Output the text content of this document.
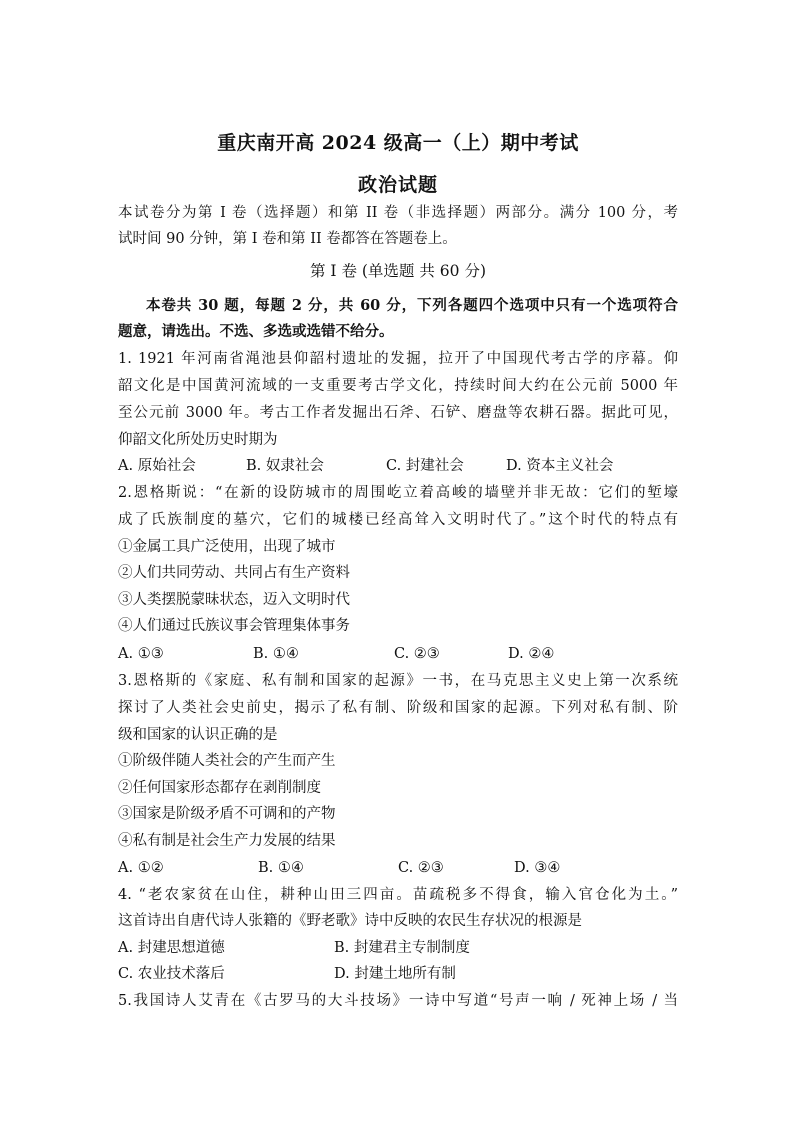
重庆南开高 2024 级高一（上）期中考试
政治试题
本试卷分为第 I 卷（选择题）和第 II 卷（非选择题）两部分。满分 100 分，考
试时间 90 分钟，第 I 卷和第 II 卷都答在答题卷上。
第 I 卷 (单选题 共 60 分)
本卷共 30 题，每题 2 分，共 60 分，下列各题四个选项中只有一个选项符合
题意，请选出。不选、多选或选错不给分。
1. 1921 年河南省渑池县仰韶村遗址的发掘，拉开了中国现代考古学的序幕。仰
韶文化是中国黄河流域的一支重要考古学文化，持续时间大约在公元前 5000 年
至公元前 3000 年。考古工作者发掘出石斧、石铲、磨盘等农耕石器。据此可见，
仰韶文化所处历史时期为
A. 原始社会	B. 奴隶社会	C. 封建社会	D. 资本主义社会
2.恩格斯说：“在新的设防城市的周围屹立着高峻的墙壁并非无故：它们的堑壕
成了氏族制度的墓穴，它们的城楼已经高耸入文明时代了。”这个时代的特点有
①金属工具广泛使用，出现了城市
②人们共同劳动、共同占有生产资料
③人类摆脱蒙昧状态，迈入文明时代
④人们通过氏族议事会管理集体事务
A. ①③	B. ①④	C. ②③	D. ②④
3.恩格斯的《家庭、私有制和国家的起源》一书，在马克思主义史上第一次系统
探讨了人类社会史前史，揭示了私有制、阶级和国家的起源。下列对私有制、阶
级和国家的认识正确的是
①阶级伴随人类社会的产生而产生
②任何国家形态都存在剥削制度
③国家是阶级矛盾不可调和的产物
④私有制是社会生产力发展的结果
A. ①②	B. ①④	C. ②③	D. ③④
4. “老农家贫在山住，耕种山田三四亩。苗疏税多不得食，输入官仓化为土。”
这首诗出自唐代诗人张籍的《野老歌》诗中反映的农民生存状况的根源是
A. 封建思想道德	B. 封建君主专制制度
C. 农业技术落后	D. 封建土地所有制
5.我国诗人艾青在《古罗马的大斗技场》一诗中写道“号声一响 / 死神上场 / 当
